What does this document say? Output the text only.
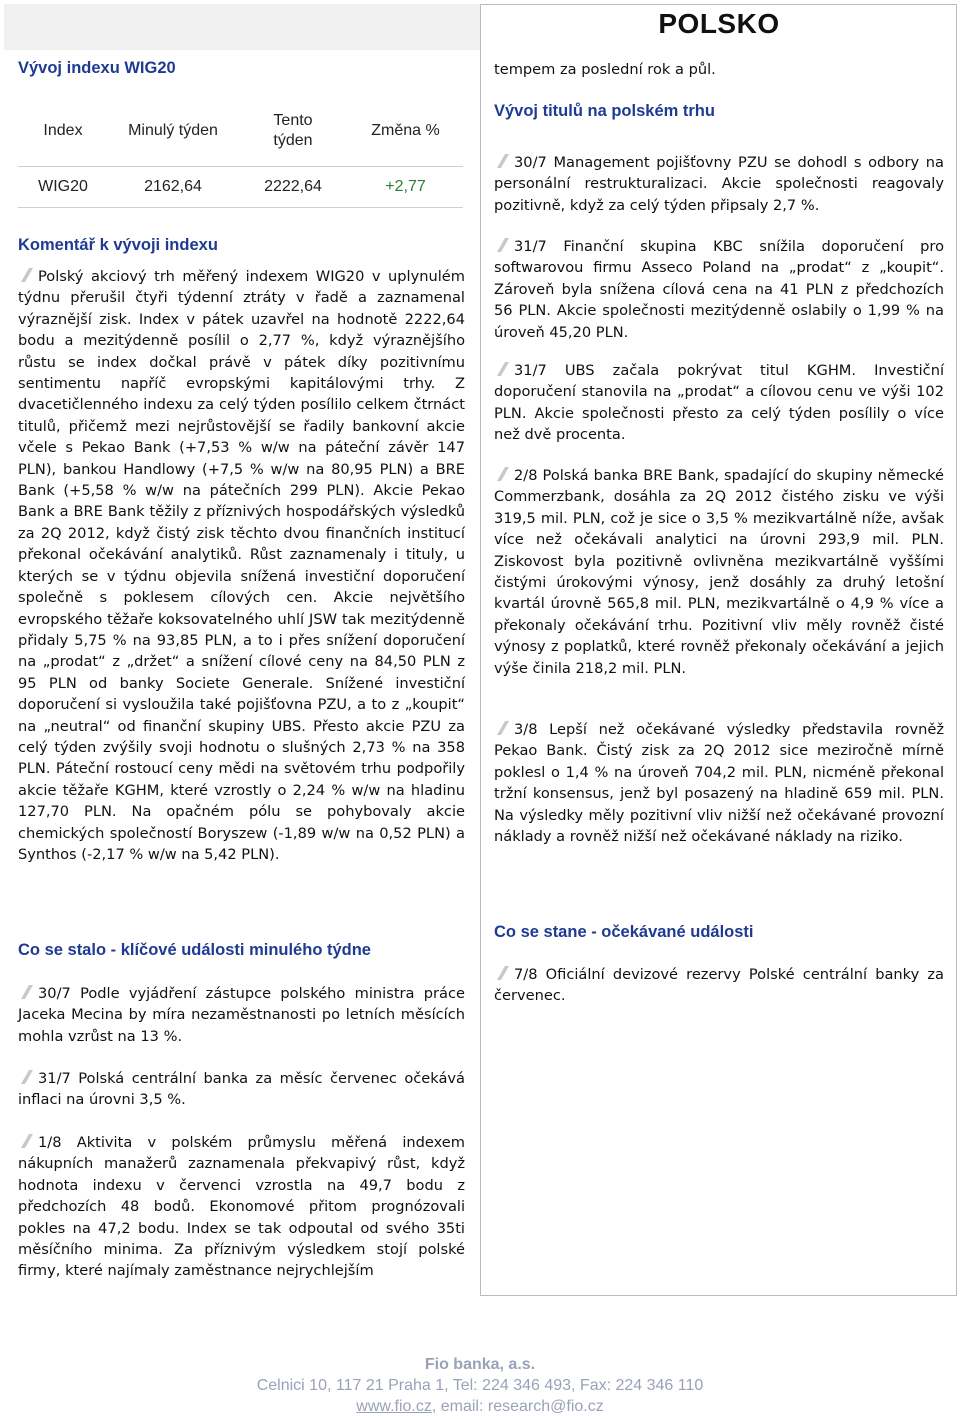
POLSKO
Vývoj indexu WIG20
Index	Minulý týden	Tento týden	Změna %
WIG20	2162,64	2222,64	+2,77
Komentář k vývoji indexu

Polský akciový trh měřený indexem WIG20 v uplynulém týdnu přerušil čtyři týdenní ztráty v řadě a zaznamenal výraznější zisk. Index v pátek uzavřel na hodnotě 2222,64 bodu a mezitýdenně posílil o 2,77 %, když výraznějšího růstu se index dočkal právě v pátek díky pozitivnímu sentimentu napříč evropskými kapitálovými trhy. Z dvacetičlenného indexu za celý týden posílilo celkem čtrnáct titulů, přičemž mezi nejrůstovější se řadily bankovní akcie včele s Pekao Bank (+7,53 % w/w na páteční závěr 147 PLN), bankou Handlowy (+7,5 % w/w na 80,95 PLN) a BRE Bank (+5,58 % w/w na pátečních 299 PLN). Akcie Pekao Bank a BRE Bank těžily z příznivých hospodářských výsledků za 2Q 2012, když čistý zisk těchto dvou finančních institucí překonal očekávání analytiků. Růst zaznamenaly i tituly, u kterých se v týdnu objevila snížená investiční doporučení společně s poklesem cílových cen. Akcie největšího evropského těžaře koksovatelného uhlí JSW tak mezitýdenně přidaly 5,75 % na 93,85 PLN, a to i přes snížení doporučení na „prodat“ z „držet“ a snížení cílové ceny na 84,50 PLN z 95 PLN od banky Societe Generale. Snížené investiční doporučení si vysloužila také pojišťovna PZU, a to z „koupit“ na „neutral“ od finanční skupiny UBS. Přesto akcie PZU za celý týden zvýšily svoji hodnotu o slušných 2,73 % na 358 PLN. Páteční rostoucí ceny mědi na světovém trhu podpořily akcie těžaře KGHM, které vzrostly o 2,24 % w/w na hladinu 127,70 PLN. Na opačném pólu se pohybovaly akcie chemických společností Boryszew (-1,89 w/w na 0,52 PLN) a Synthos (-2,17 % w/w na 5,42 PLN).

Co se stalo - klíčové události minulého týdne

30/7 Podle vyjádření zástupce polského ministra práce Jaceka Mecina by míra nezaměstnanosti po letních měsících mohla vzrůst na 13 %.

31/7 Polská centrální banka za měsíc červenec očekává inflaci na úrovni 3,5 %.

1/8 Aktivita v polském průmyslu měřená indexem nákupních manažerů zaznamenala překvapivý růst, když hodnota indexu v červenci vzrostla na 49,7 bodu z předchozích 48 bodů. Ekonomové přitom prognózovali pokles na 47,2 bodu. Index se tak odpoutal od svého 35ti měsíčního minima. Za příznivým výsledkem stojí polské firmy, které najímaly zaměstnance nejrychlejším

tempem za poslední rok a půl.

Vývoj titulů na polském trhu

30/7 Management pojišťovny PZU se dohodl s odbory na personální restrukturalizaci. Akcie společnosti reagovaly pozitivně, když za celý týden připsaly 2,7 %.

31/7 Finanční skupina KBC snížila doporučení pro softwarovou firmu Asseco Poland na „prodat“ z „koupit“. Zároveň byla snížena cílová cena na 41 PLN z předchozích 56 PLN. Akcie společnosti mezitýdenně oslabily o 1,99 % na úroveň 45,20 PLN.

31/7 UBS začala pokrývat titul KGHM. Investiční doporučení stanovila na „prodat“ a cílovou cenu ve výši 102 PLN. Akcie společnosti přesto za celý týden posílily o více než dvě procenta.

2/8 Polská banka BRE Bank, spadající do skupiny německé Commerzbank, dosáhla za 2Q 2012 čistého zisku ve výši 319,5 mil. PLN, což je sice o 3,5 % mezikvartálně níže, avšak více než očekávali analytici na úrovni 293,9 mil. PLN. Ziskovost byla pozitivně ovlivněna mezikvartálně vyššími čistými úrokovými výnosy, jenž dosáhly za druhý letošní kvartál úrovně 565,8 mil. PLN, mezikvartálně o 4,9 % více a překonaly očekávání trhu. Pozitivní vliv měly rovněž čisté výnosy z poplatků, které rovněž překonaly očekávání a jejich výše činila 218,2 mil. PLN.

3/8 Lepší než očekávané výsledky představila rovněž Pekao Bank. Čistý zisk za 2Q 2012 sice meziročně mírně poklesl o 1,4 % na úroveň 704,2 mil. PLN, nicméně překonal tržní konsensus, jenž byl posazený na hladině 659 mil. PLN. Na výsledky měly pozitivní vliv nižší než očekávané provozní náklady a rovněž nižší než očekávané náklady na riziko.

Co se stane - očekávané události

7/8 Oficiální devizové rezervy Polské centrální banky za červenec.

Fio banka, a.s.
Celnici 10, 117 21 Praha 1, Tel: 224 346 493, Fax: 224 346 110
www.fio.cz, email: research@fio.cz
